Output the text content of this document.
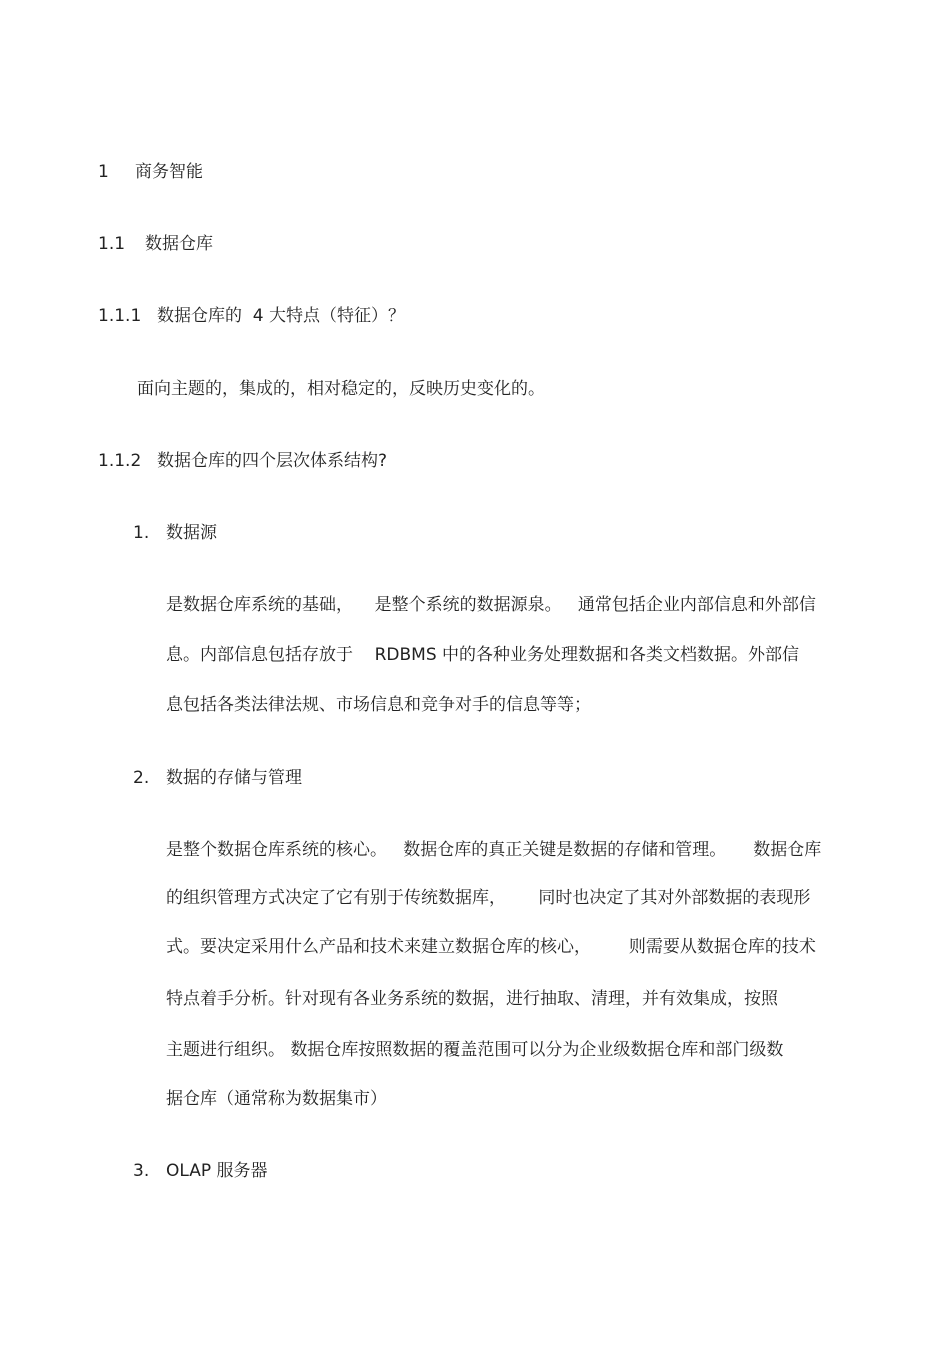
1 商务智能
1.1 数据仓库
1.1.1 数据仓库的  4 大特点（特征）？
面向主题的，集成的，相对稳定的，反映历史变化的。
1.1.2 数据仓库的四个层次体系结构?
1. 数据源
是数据仓库系统的基础，    是整个系统的数据源泉。   通常包括企业内部信息和外部信
息。内部信息包括存放于    RDBMS 中的各种业务处理数据和各类文档数据。外部信
息包括各类法律法规、市场信息和竞争对手的信息等等；
2. 数据的存储与管理
是整个数据仓库系统的核心。   数据仓库的真正关键是数据的存储和管理。     数据仓库
的组织管理方式决定了它有别于传统数据库，      同时也决定了其对外部数据的表现形
式。要决定采用什么产品和技术来建立数据仓库的核心，       则需要从数据仓库的技术
特点着手分析。针对现有各业务系统的数据，进行抽取、清理，并有效集成，按照
主题进行组织。 数据仓库按照数据的覆盖范围可以分为企业级数据仓库和部门级数
据仓库（通常称为数据集市）
3. OLAP 服务器
